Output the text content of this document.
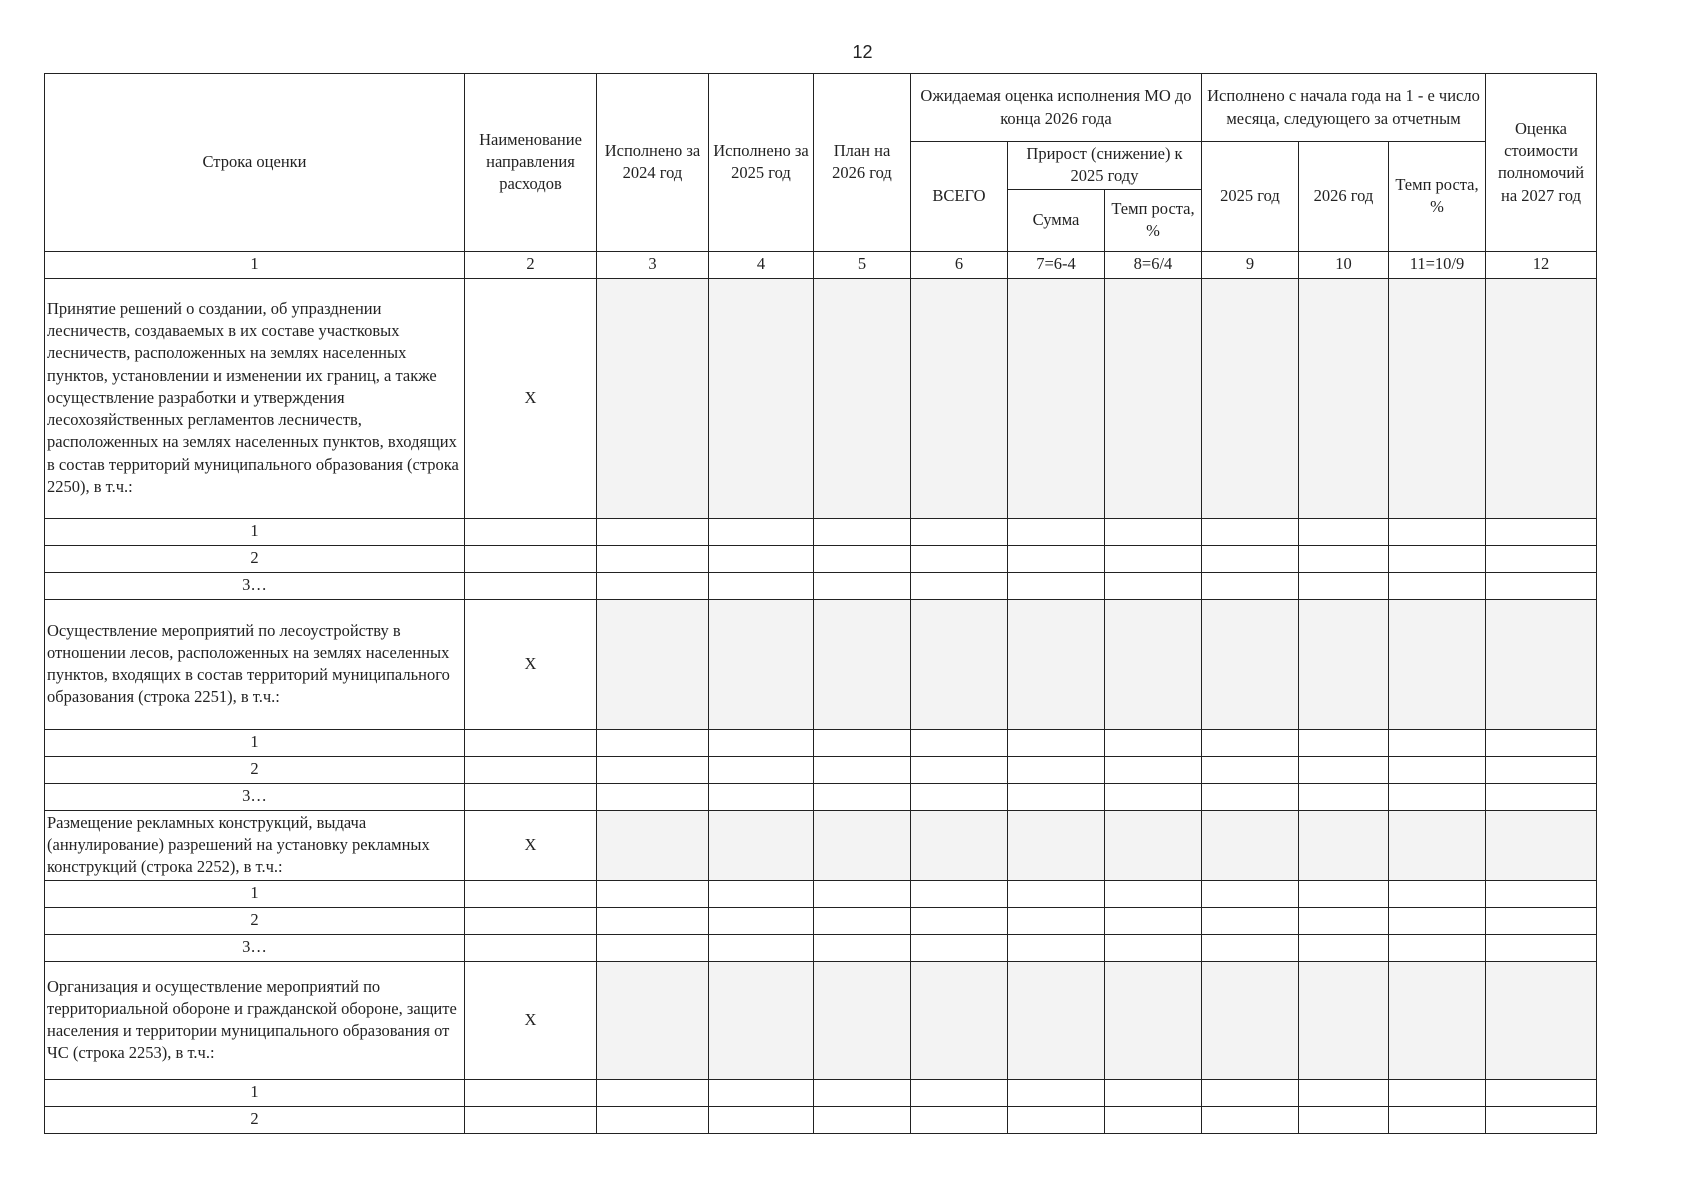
12
Строка оценки	Наименование направления расходов	Исполнено за 2024 год	Исполнено за 2025 год	План на 2026 год	Ожидаемая оценка исполнения МО до конца 2026 года			Исполнено с начала года на 1 - е число месяца, следующего за отчетным			Оценка стоимости полномочий на 2027 год
					ВСЕГО	Прирост (снижение) к 2025 году		2025 год	2026 год	Темп роста, %	
						Сумма	Темп роста, %				
1	2	3	4	5	6	7=6-4	8=6/4	9	10	11=10/9	12
Принятие решений о создании, об упразднении лесничеств, создаваемых в их составе участковых лесничеств, расположенных на землях населенных пунктов, установлении и изменении их границ, а также осуществление разработки и утверждения лесохозяйственных регламентов лесничеств, расположенных на землях населенных пунктов, входящих в состав территорий муниципального образования (строка 2250), в т.ч.:	X										
1											
2											
3…											
Осуществление мероприятий по лесоустройству в отношении лесов, расположенных на землях населенных пунктов, входящих в состав территорий муниципального образования (строка 2251), в т.ч.:	X										
1											
2											
3…											
Размещение рекламных конструкций, выдача (аннулирование) разрешений на установку рекламных конструкций (строка 2252), в т.ч.:	X										
1											
2											
3…											
Организация и осуществление мероприятий по территориальной обороне и гражданской обороне, защите населения и территории муниципального образования от ЧС (строка 2253), в т.ч.:	X										
1											
2											
